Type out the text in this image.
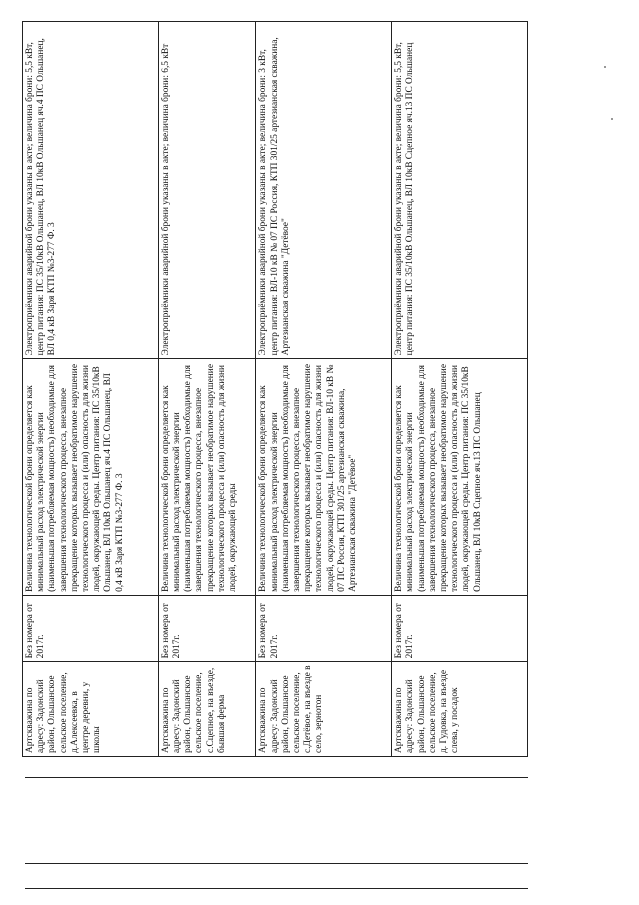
Артскважина по адресу: Задонский район, Ольшанское сельское поселение, д.Алексеевка, в центре деревни, у школы	Без номера от 2017г.	Величина технологической брони определяется как минимальный расход электрической энергии (наименьшая потребляемая мощность) необходимые для завершения технологического процесса, внезапное прекращение которых вызывает необратимое нарушение технологического процесса и (или) опасность для жизни людей, окружающей среды. Центр питания: ПС 35/10кВ Ольшанец, ВЛ 10кВ Ольшанец яч.4 ПС Ольшанец, ВЛ 0,4 кВ Заря КТП №3-277 Ф. 3	Электроприёмники аварийной брони указаны в акте; величина брони: 5,5 кВт, центр питания: ПС 35/10кВ Ольшанец, ВЛ 10кВ Ольшанец яч.4 ПС Ольшанец, ВЛ 0,4 кВ Заря КТП №3-277 Ф. 3
Артскважина по адресу: Задонский район, Ольшанское сельское поселение, с.Сцепное, на въезде, бывшая ферма	Без номера от 2017г.	Величина технологической брони определяется как минимальный расход электрической энергии (наименьшая потребляемая мощность) необходимые для завершения технологического процесса, внезапное прекращение которых вызывает необратимое нарушение технологического процесса и (или) опасность для жизни людей, окружающей среды	Электроприёмники аварийной брони указаны в акте; величина брони: 6,5 кВт
Артскважина по адресу: Задонский район, Ольшанское сельское поселение, с.Детёвое, на въезде в село, зернотон	Без номера от 2017г.	Величина технологической брони определяется как минимальный расход электрической энергии (наименьшая потребляемая мощность) необходимые для завершения технологического процесса, внезапное прекращение которых вызывает необратимое нарушение технологического процесса и (или) опасность для жизни людей, окружающей среды. Центр питания: ВЛ-10 кВ № 07 ПС Россия, КТП 301/25 артезианская скважина, Артезианская скважина "Детёвое"	Электроприёмники аварийной брони указаны в акте; величина брони: 3 кВт, центр питания: ВЛ-10 кВ № 07 ПС Россия, КТП 301/25 артезианская скважина, Артезианская скважина "Детёвое"
Артскважина по адресу: Задонский район, Ольшанское сельское поселение, д. Гудовка, на въезде слева, у посадок	Без номера от 2017г.	Величина технологической брони определяется как минимальный расход электрической энергии (наименьшая потребляемая мощность) необходимые для завершения технологического процесса, внезапное прекращение которых вызывает необратимое нарушение технологического процесса и (или) опасность для жизни людей, окружающей среды. Центр питания: ПС 35/10кВ Ольшанец, ВЛ 10кВ Сцепное яч.13 ПС Ольшанец	Электроприёмники аварийной брони указаны в акте; величина брони: 5,5 кВт, центр питания: ПС 35/10кВ Ольшанец, ВЛ 10кВ Сцепное яч.13 ПС Ольшанец
